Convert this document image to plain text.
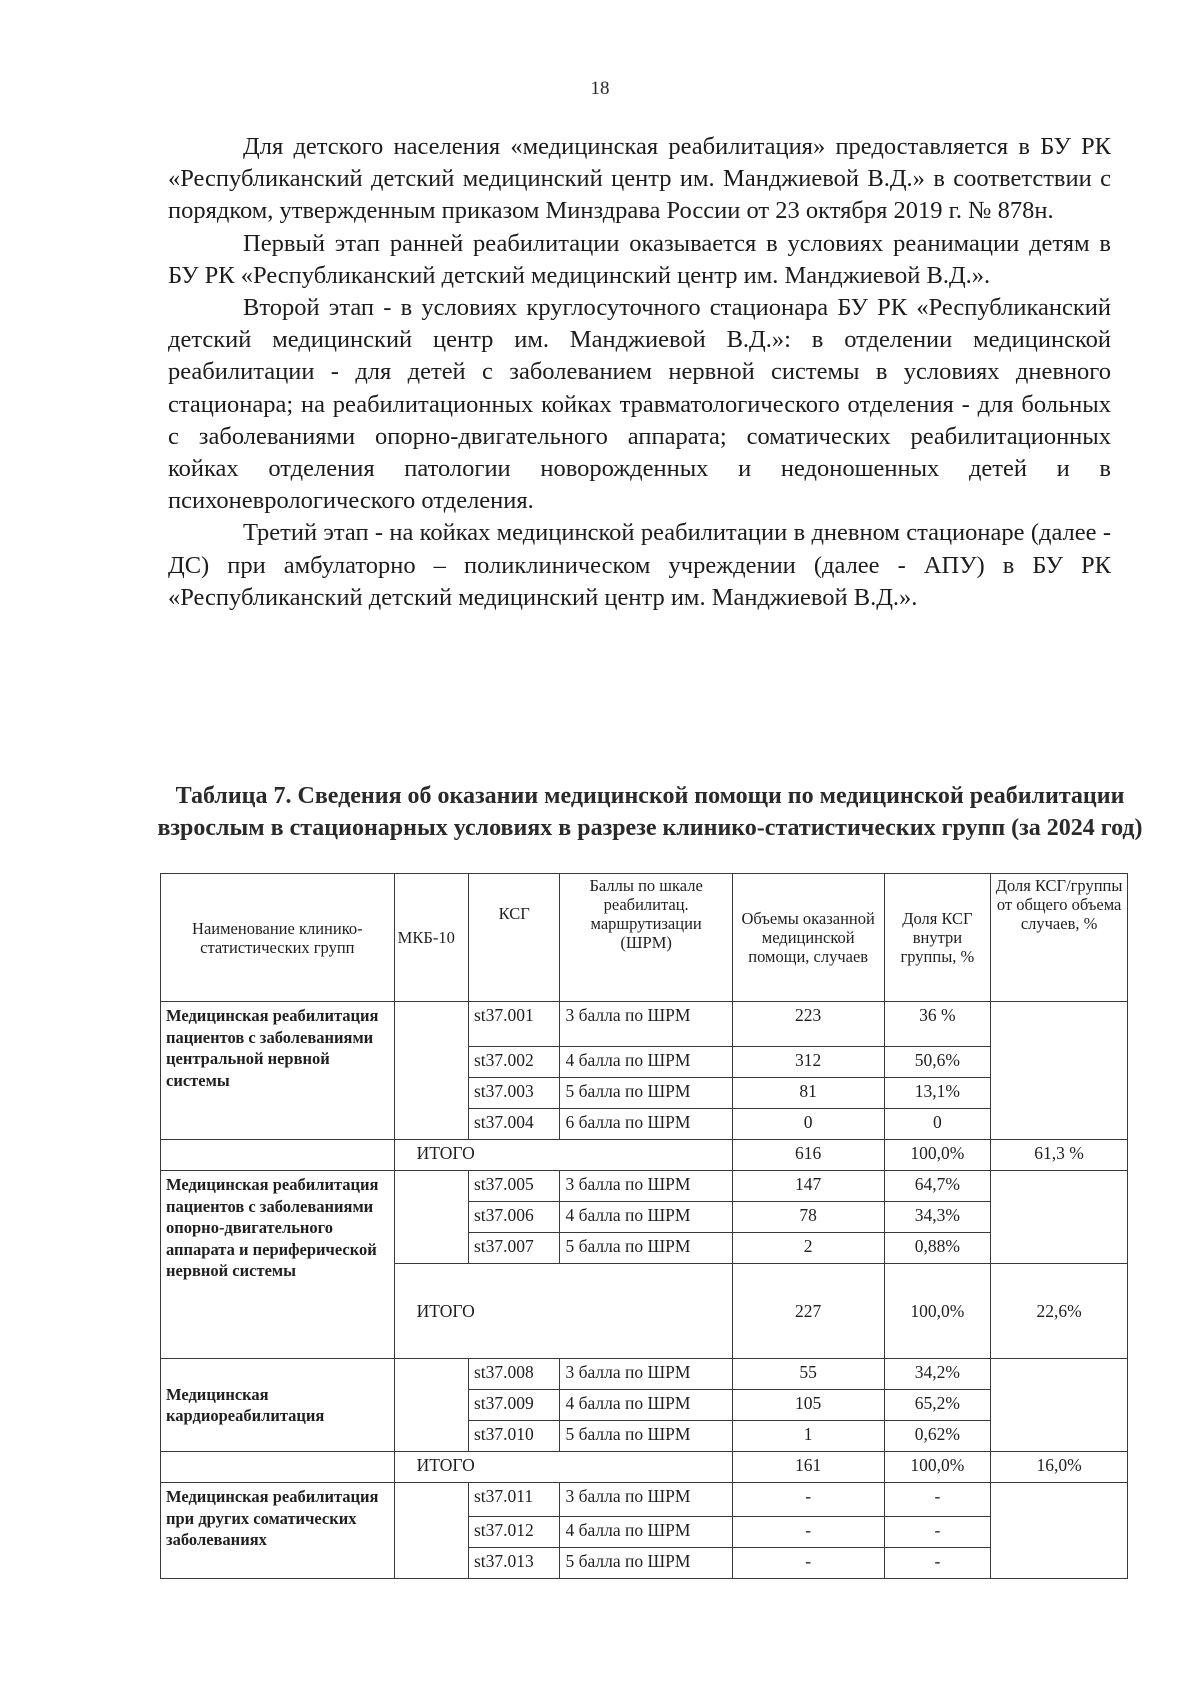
18

Для детского населения «медицинская реабилитация» предоставляется в БУ РК «Республиканский детский медицинский центр им. Манджиевой В.Д.» в соответствии с порядком, утвержденным приказом Минздрава России от 23 октября 2019 г. № 878н.

Первый этап ранней реабилитации оказывается в условиях реанимации детям в БУ РК «Республиканский детский медицинский центр им. Манджиевой В.Д.».

Второй этап - в условиях круглосуточного стационара БУ РК «Республиканский детский медицинский центр им. Манджиевой В.Д.»: в отделении медицинской реабилитации - для детей с заболеванием нервной системы в условиях дневного стационара; на реабилитационных койках травматологического отделения - для больных с заболеваниями опорно-двигательного аппарата; соматических реабилитационных койках отделения патологии новорожденных и недоношенных детей и в психоневрологического отделения.

Третий этап - на койках медицинской реабилитации в дневном стационаре (далее - ДС) при амбулаторно – поликлиническом учреждении (далее - АПУ) в БУ РК «Республиканский детский медицинский центр им. Манджиевой В.Д.».

Таблица 7. Сведения об оказании медицинской помощи по медицинской реабилитации взрослым в стационарных условиях в разрезе клинико-статистических групп (за 2024 год)
Наименование клинико-статистических групп	МКБ-10	КСГ	Баллы по шкале реабилитац. маршрутизации (ШРМ)	Объемы оказанной медицинской помощи, случаев	Доля КСГ внутри группы, %	Доля КСГ/группы от общего объема случаев, %
Медицинская реабилитация пациентов с заболеваниями центральной нервной системы		st37.001	3 балла по ШРМ	223	36 %	
		st37.002	4 балла по ШРМ	312	50,6%	
		st37.003	5 балла по ШРМ	81	13,1%	
		st37.004	6 балла по ШРМ	0	0	
	ИТОГО			616	100,0%	61,3 %
Медицинская реабилитация пациентов с заболеваниями опорно-двигательного аппарата и периферической нервной системы		st37.005	3 балла по ШРМ	147	64,7%	
		st37.006	4 балла по ШРМ	78	34,3%	
		st37.007	5 балла по ШРМ	2	0,88%	
	ИТОГО			227	100,0%	22,6%
Медицинская кардиореабилитация		st37.008	3 балла по ШРМ	55	34,2%	
		st37.009	4 балла по ШРМ	105	65,2%	
		st37.010	5 балла по ШРМ	1	0,62%	
	ИТОГО			161	100,0%	16,0%
Медицинская реабилитация при других соматических заболеваниях		st37.011	3 балла по ШРМ	-	-	
		st37.012	4 балла по ШРМ	-	-	
		st37.013	5 балла по ШРМ	-	-	
